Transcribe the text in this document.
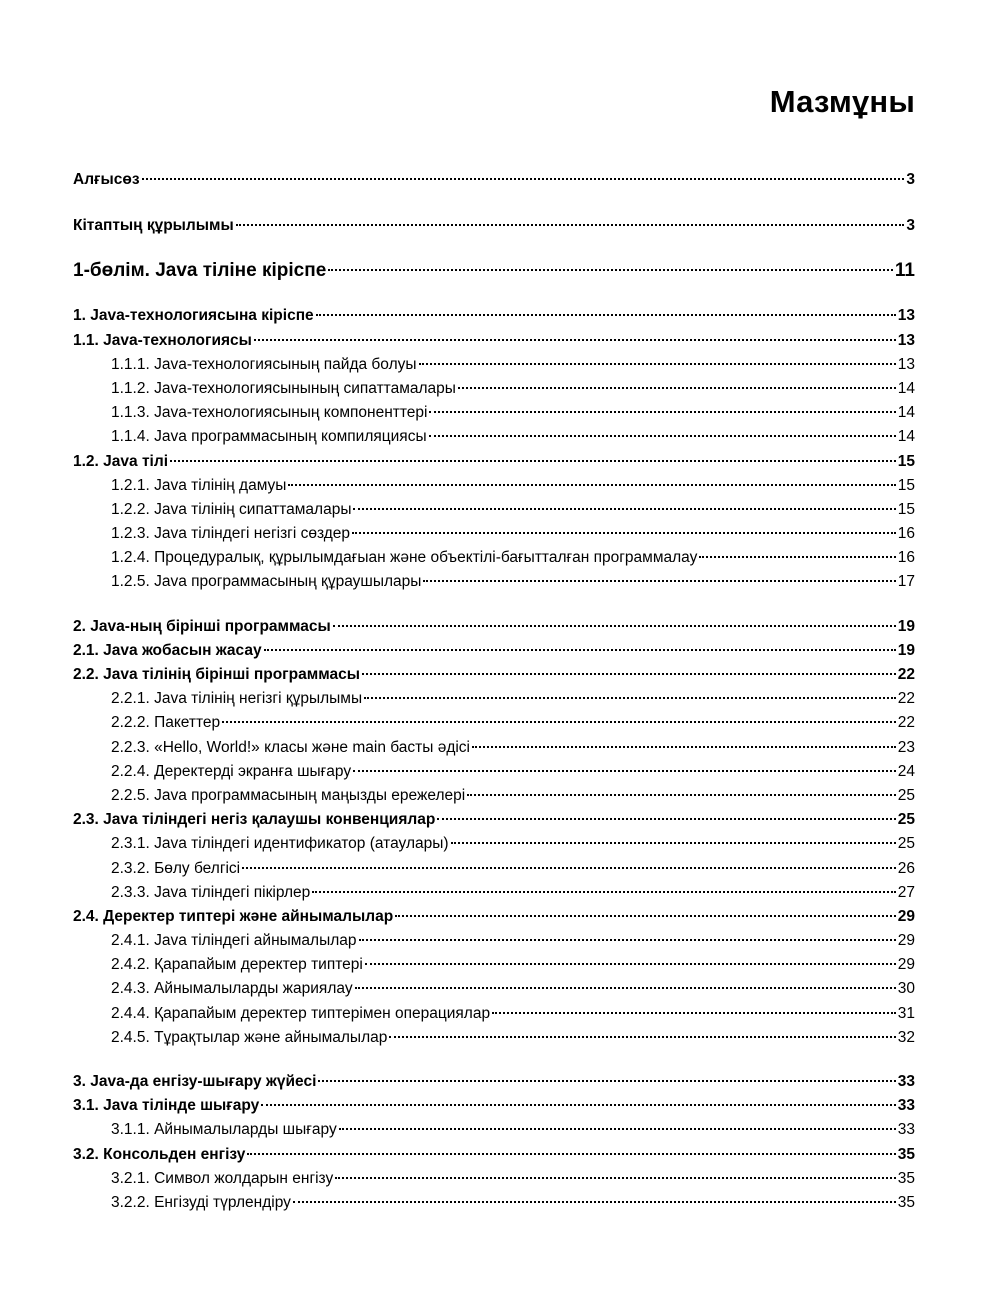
Мазмұны
Алғысөз	3
Кітаптың құрылымы	3
1-бөлім. Java тіліне кіріспе	11
1. Java-технологиясына кіріспе	13
1.1. Java-технологиясы	13
1.1.1. Java-технологиясының пайда болуы	13
1.1.2. Java-технологиясынының сипаттамалары	14
1.1.3. Java-технологиясының компоненттері	14
1.1.4. Java программасының компиляциясы	14
1.2. Java тілі	15
1.2.1. Java тілінің дамуы	15
1.2.2. Java тілінің сипаттамалары	15
1.2.3. Java тіліндегі негізгі сөздер	16
1.2.4. Процедуралық, құрылымдағыан және объектілі-бағытталған программалау	16
1.2.5. Java программасының құраушылары	17
2. Java-ның бірінші программасы	19
2.1. Java жобасын жасау	19
2.2. Java тілінің бірінші программасы	22
2.2.1. Java тілінің негізгі құрылымы	22
2.2.2. Пакеттер	22
2.2.3. «Hello, World!» класы және main басты әдісі	23
2.2.4. Деректерді экранға шығару	24
2.2.5. Java программасының маңызды ережелері	25
2.3. Java тіліндегі негіз қалаушы конвенциялар	25
2.3.1. Java тіліндегі идентификатор (атаулары)	25
2.3.2. Бөлу белгісі	26
2.3.3. Java тіліндегі пікірлер	27
2.4. Деректер типтері және айнымалылар	29
2.4.1. Java тіліндегі айнымалылар	29
2.4.2. Қарапайым деректер типтері	29
2.4.3. Айнымалыларды жариялау	30
2.4.4. Қарапайым деректер типтерімен операциялар	31
2.4.5. Тұрақтылар және айнымалылар	32
3. Java-да енгізу-шығару жүйесі	33
3.1. Java тілінде шығару	33
3.1.1. Айнымалыларды шығару	33
3.2. Консольден енгізу	35
3.2.1. Символ жолдарын енгізу	35
3.2.2. Енгізуді түрлендіру	35
